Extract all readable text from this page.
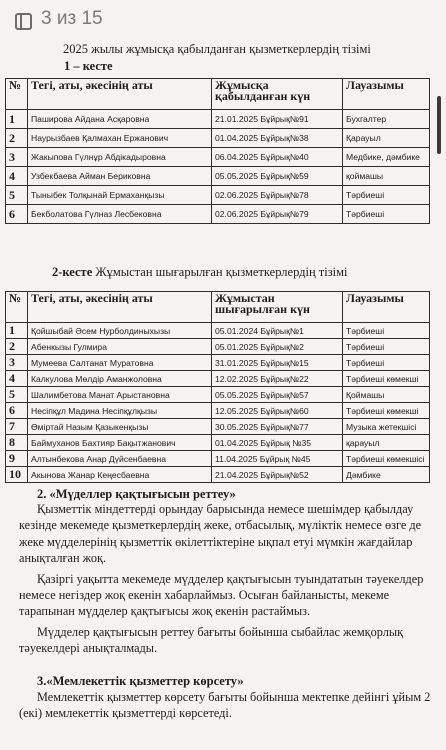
3 из 15
2025 жылы жұмысқа қабылданған қызметкерлердің тізімі
1 – кесте
№	Тегі, аты, әкесінің аты	Жұмысқа қабылданған күн	Лауазымы
1	Паширова Айдана Асқаровна	21.01.2025 Бұйрық№91	Бухгалтер
2	Наурызбаев Қалмахан Ержанович	01.04.2025 Бұйрық№38	Қарауыл
3	Жакыпова Гүлнұр Абдікадыровна	06.04.2025 Бұйрық№40	Медбике, дәмбике
4	Узбекбаева Айман Бериковна	05.05.2025 Бұйрық№59	қоймашы
5	Тыныбек Толқынай Ермаханқызы	02.06.2025 Бұйрық№78	Тәрбиеші
6	Бекболатова Гүлназ Лесбековна	02.06.2025 Бұйрық№79	Тәрбиеші
2-кесте Жұмыстан шығарылған қызметкерлердің тізімі
№	Тегі, аты, әкесінің аты	Жұмыстан шығарылған күн	Лауазымы
1	Қойшыбай Әсем Нурболдиныхызы	05.01.2024 Бұйрық№1	Тәрбиеші
2	Абенкызы Гулмира	05.01.2025 Бұйрық№2	Тәрбиеші
3	Мумеева Салтанат Муратовна	31.01.2025 Бұйрық№15	Тәрбиеші
4	Калкулова Мөлдір Аманжоловна	12.02.2025 Бұйрық№22	Тәрбиеші көмекші
5	Шалимбетова Манат Арыстановна	05.05.2025 Бұйрық№57	Қоймашы
6	Несіпқұл Мадина Несіпқұлқызы	12.05.2025 Бұйрық№60	Тәрбиеші көмекші
7	Өміртай Назым Қазыкенқызы	30.05.2025 Бұйрық№77	Музыка жетекшісі
8	Баймуханов Бахтияр Бақытжанович	01.04.2025 Бұйрық №35	қарауыл
9	Алтынбекова Анар Дүйсенбаевна	11.04.2025 Бұйрық №45	Тәрбиеші көмекшісі
10	Акынова Жанар Кеңесбаевна	21.04.2025 Бұйрық№52	Дәмбике
2. «Мүделлер қақтығысын реттеу»

Қызметтік міндеттерді орындау барысында немесе шешімдер қабылдау кезінде мекемеде қызметкерлердің жеке, отбасылық, мүліктік немесе өзге де жеке мүдделерінің қызметтік өкілеттіктеріне ықпал етуі мүмкін жағдайлар анықталған жоқ.

Қазіргі уақытта мекемеде мүдделер қақтығысын туындататын тәуекелдер немесе негіздер жоқ екенін хабарлаймыз. Осыған байланысты, мекеме тарапынан мүдделер қақтығысы жоқ екенін растаймыз.

Мүдделер қақтығысын реттеу бағыты бойынша сыбайлас жемқорлық тәуекелдері анықталмады.

3.«Мемлекеттік қызметтер көрсету»

Мемлекеттік қызметтер көрсету бағыты бойынша мектепке дейінгі ұйым 2 (екі) мемлекеттік қызметтерді көрсетеді.
